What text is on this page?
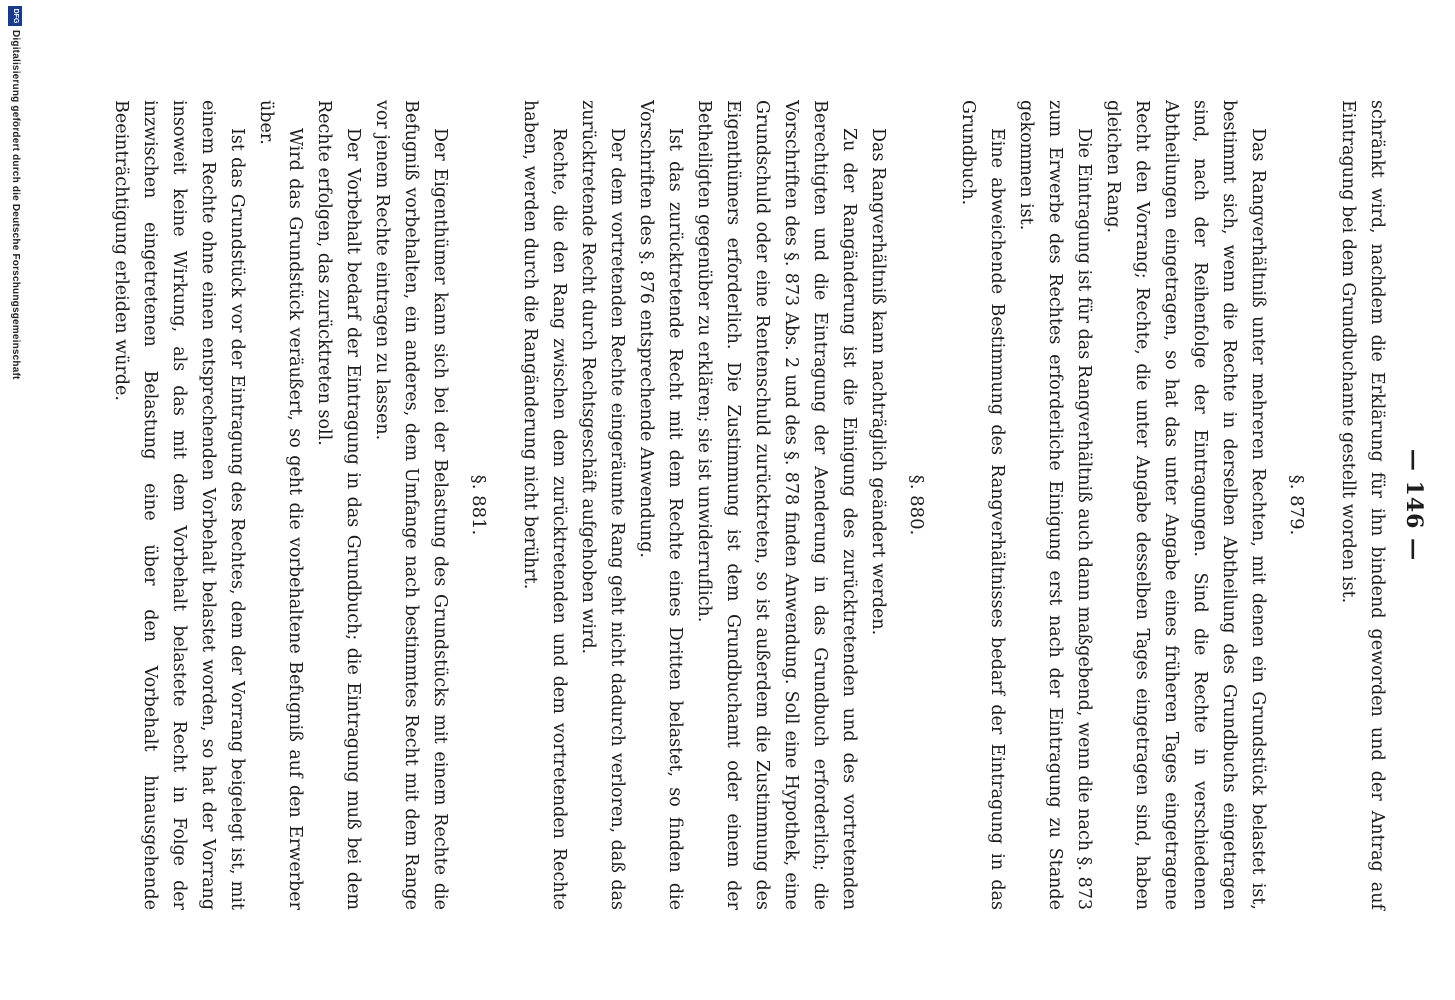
— 146 —

schränkt wird, nachdem die Erklärung für ihn bindend geworden und der Antrag auf Eintragung bei dem Grundbuchamte gestellt worden ist.

§. 879.

Das Rangverhältniß unter mehreren Rechten, mit denen ein Grundstück belastet ist, bestimmt sich, wenn die Rechte in derselben Abtheilung des Grundbuchs eingetragen sind, nach der Reihenfolge der Eintragungen. Sind die Rechte in verschiedenen Abtheilungen eingetragen, so hat das unter Angabe eines früheren Tages eingetragene Recht den Vorrang; Rechte, die unter Angabe desselben Tages eingetragen sind, haben gleichen Rang.

Die Eintragung ist für das Rangverhältniß auch dann maßgebend, wenn die nach §. 873 zum Erwerbe des Rechtes erforderliche Einigung erst nach der Eintragung zu Stande gekommen ist.

Eine abweichende Bestimmung des Rangverhältnisses bedarf der Eintragung in das Grundbuch.

§. 880.

Das Rangverhältniß kann nachträglich geändert werden.

Zu der Rangänderung ist die Einigung des zurücktretenden und des vortretenden Berechtigten und die Eintragung der Aenderung in das Grundbuch erforderlich; die Vorschriften des §. 873 Abs. 2 und des §. 878 finden Anwendung. Soll eine Hypothek, eine Grundschuld oder eine Rentenschuld zurücktreten, so ist außerdem die Zustimmung des Eigenthümers erforderlich. Die Zustimmung ist dem Grundbuchamt oder einem der Betheiligten gegenüber zu erklären; sie ist unwiderruflich.

Ist das zurücktretende Recht mit dem Rechte eines Dritten belastet, so finden die Vorschriften des §. 876 entsprechende Anwendung.

Der dem vortretenden Rechte eingeräumte Rang geht nicht dadurch verloren, daß das zurücktretende Recht durch Rechtsgeschäft aufgehoben wird.

Rechte, die den Rang zwischen dem zurücktretenden und dem vortretenden Rechte haben, werden durch die Rangänderung nicht berührt.

§. 881.

Der Eigenthümer kann sich bei der Belastung des Grundstücks mit einem Rechte die Befugniß vorbehalten, ein anderes, dem Umfange nach bestimmtes Recht mit dem Range vor jenem Rechte eintragen zu lassen.

Der Vorbehalt bedarf der Eintragung in das Grundbuch; die Eintragung muß bei dem Rechte erfolgen, das zurücktreten soll.

Wird das Grundstück veräußert, so geht die vorbehaltene Befugniß auf den Erwerber über.

Ist das Grundstück vor der Eintragung des Rechtes, dem der Vorrang beigelegt ist, mit einem Rechte ohne einen entsprechenden Vorbehalt belastet worden, so hat der Vorrang insoweit keine Wirkung, als das mit dem Vorbehalt belastete Recht in Folge der inzwischen eingetretenen Belastung eine über den Vorbehalt hinausgehende Beeinträchtigung erleiden würde.

DFG
Digitalisierung gefördert durch die Deutsche Forschungsgemeinschaft
